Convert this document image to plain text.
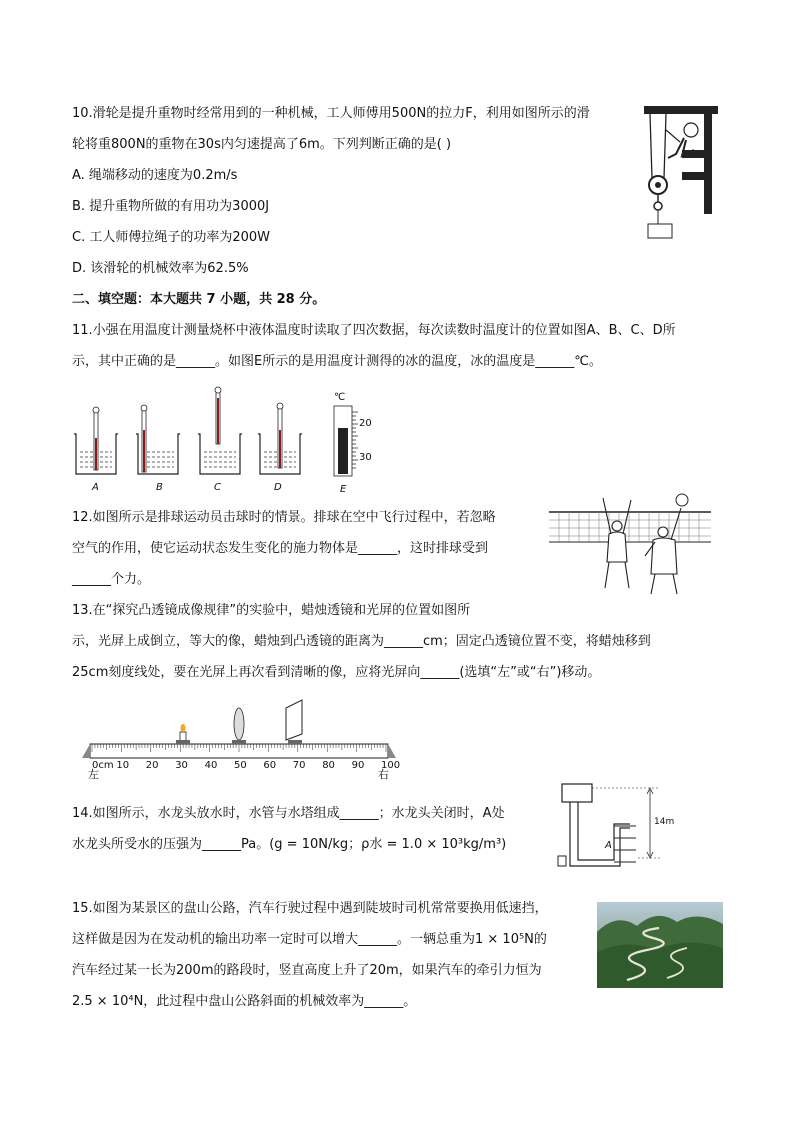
10.滑轮是提升重物时经常用到的一种机械，工人师傅用500N的拉力F，利用如图所示的滑
轮将重800N的重物在30s内匀速提高了6m。下列判断正确的是( )
A. 绳端移动的速度为0.2m/s
B. 提升重物所做的有用功为3000J
C. 工人师傅拉绳子的功率为200W
D. 该滑轮的机械效率为62.5%
二、填空题：本大题共 7 小题，共 28 分。
11.小强在用温度计测量烧杯中液体温度时读取了四次数据，每次读数时温度计的位置如图A、B、C、D所
示，其中正确的是______。如图E所示的是用温度计测得的冰的温度，冰的温度是______℃。
A	B	C	D
℃
20
30
E
12.如图所示是排球运动员击球时的情景。排球在空中飞行过程中，若忽略
空气的作用，使它运动状态发生变化的施力物体是______，这时排球受到
______个力。
13.在“探究凸透镜成像规律”的实验中，蜡烛透镜和光屏的位置如图所
示，光屏上成倒立，等大的像，蜡烛到凸透镜的距离为______cm；固定凸透镜位置不变，将蜡烛移到
25cm刻度线处，要在光屏上再次看到清晰的像，应将光屏向______(选填“左”或“右”)移动。
0cm 10 20 30 40 50 60 70 80 90 100
左	右
14.如图所示，水龙头放水时，水管与水塔组成______；水龙头关闭时，A处
水龙头所受水的压强为______Pa。(g = 10N/kg；ρ水 = 1.0 × 10³kg/m³)	A
14m
15.如图为某景区的盘山公路，汽车行驶过程中遇到陡坡时司机常常要换用低速挡，
这样做是因为在发动机的输出功率一定时可以增大______。一辆总重为1 × 10⁵N的
汽车经过某一长为200m的路段时，竖直高度上升了20m，如果汽车的牵引力恒为
2.5 × 10⁴N，此过程中盘山公路斜面的机械效率为______。
